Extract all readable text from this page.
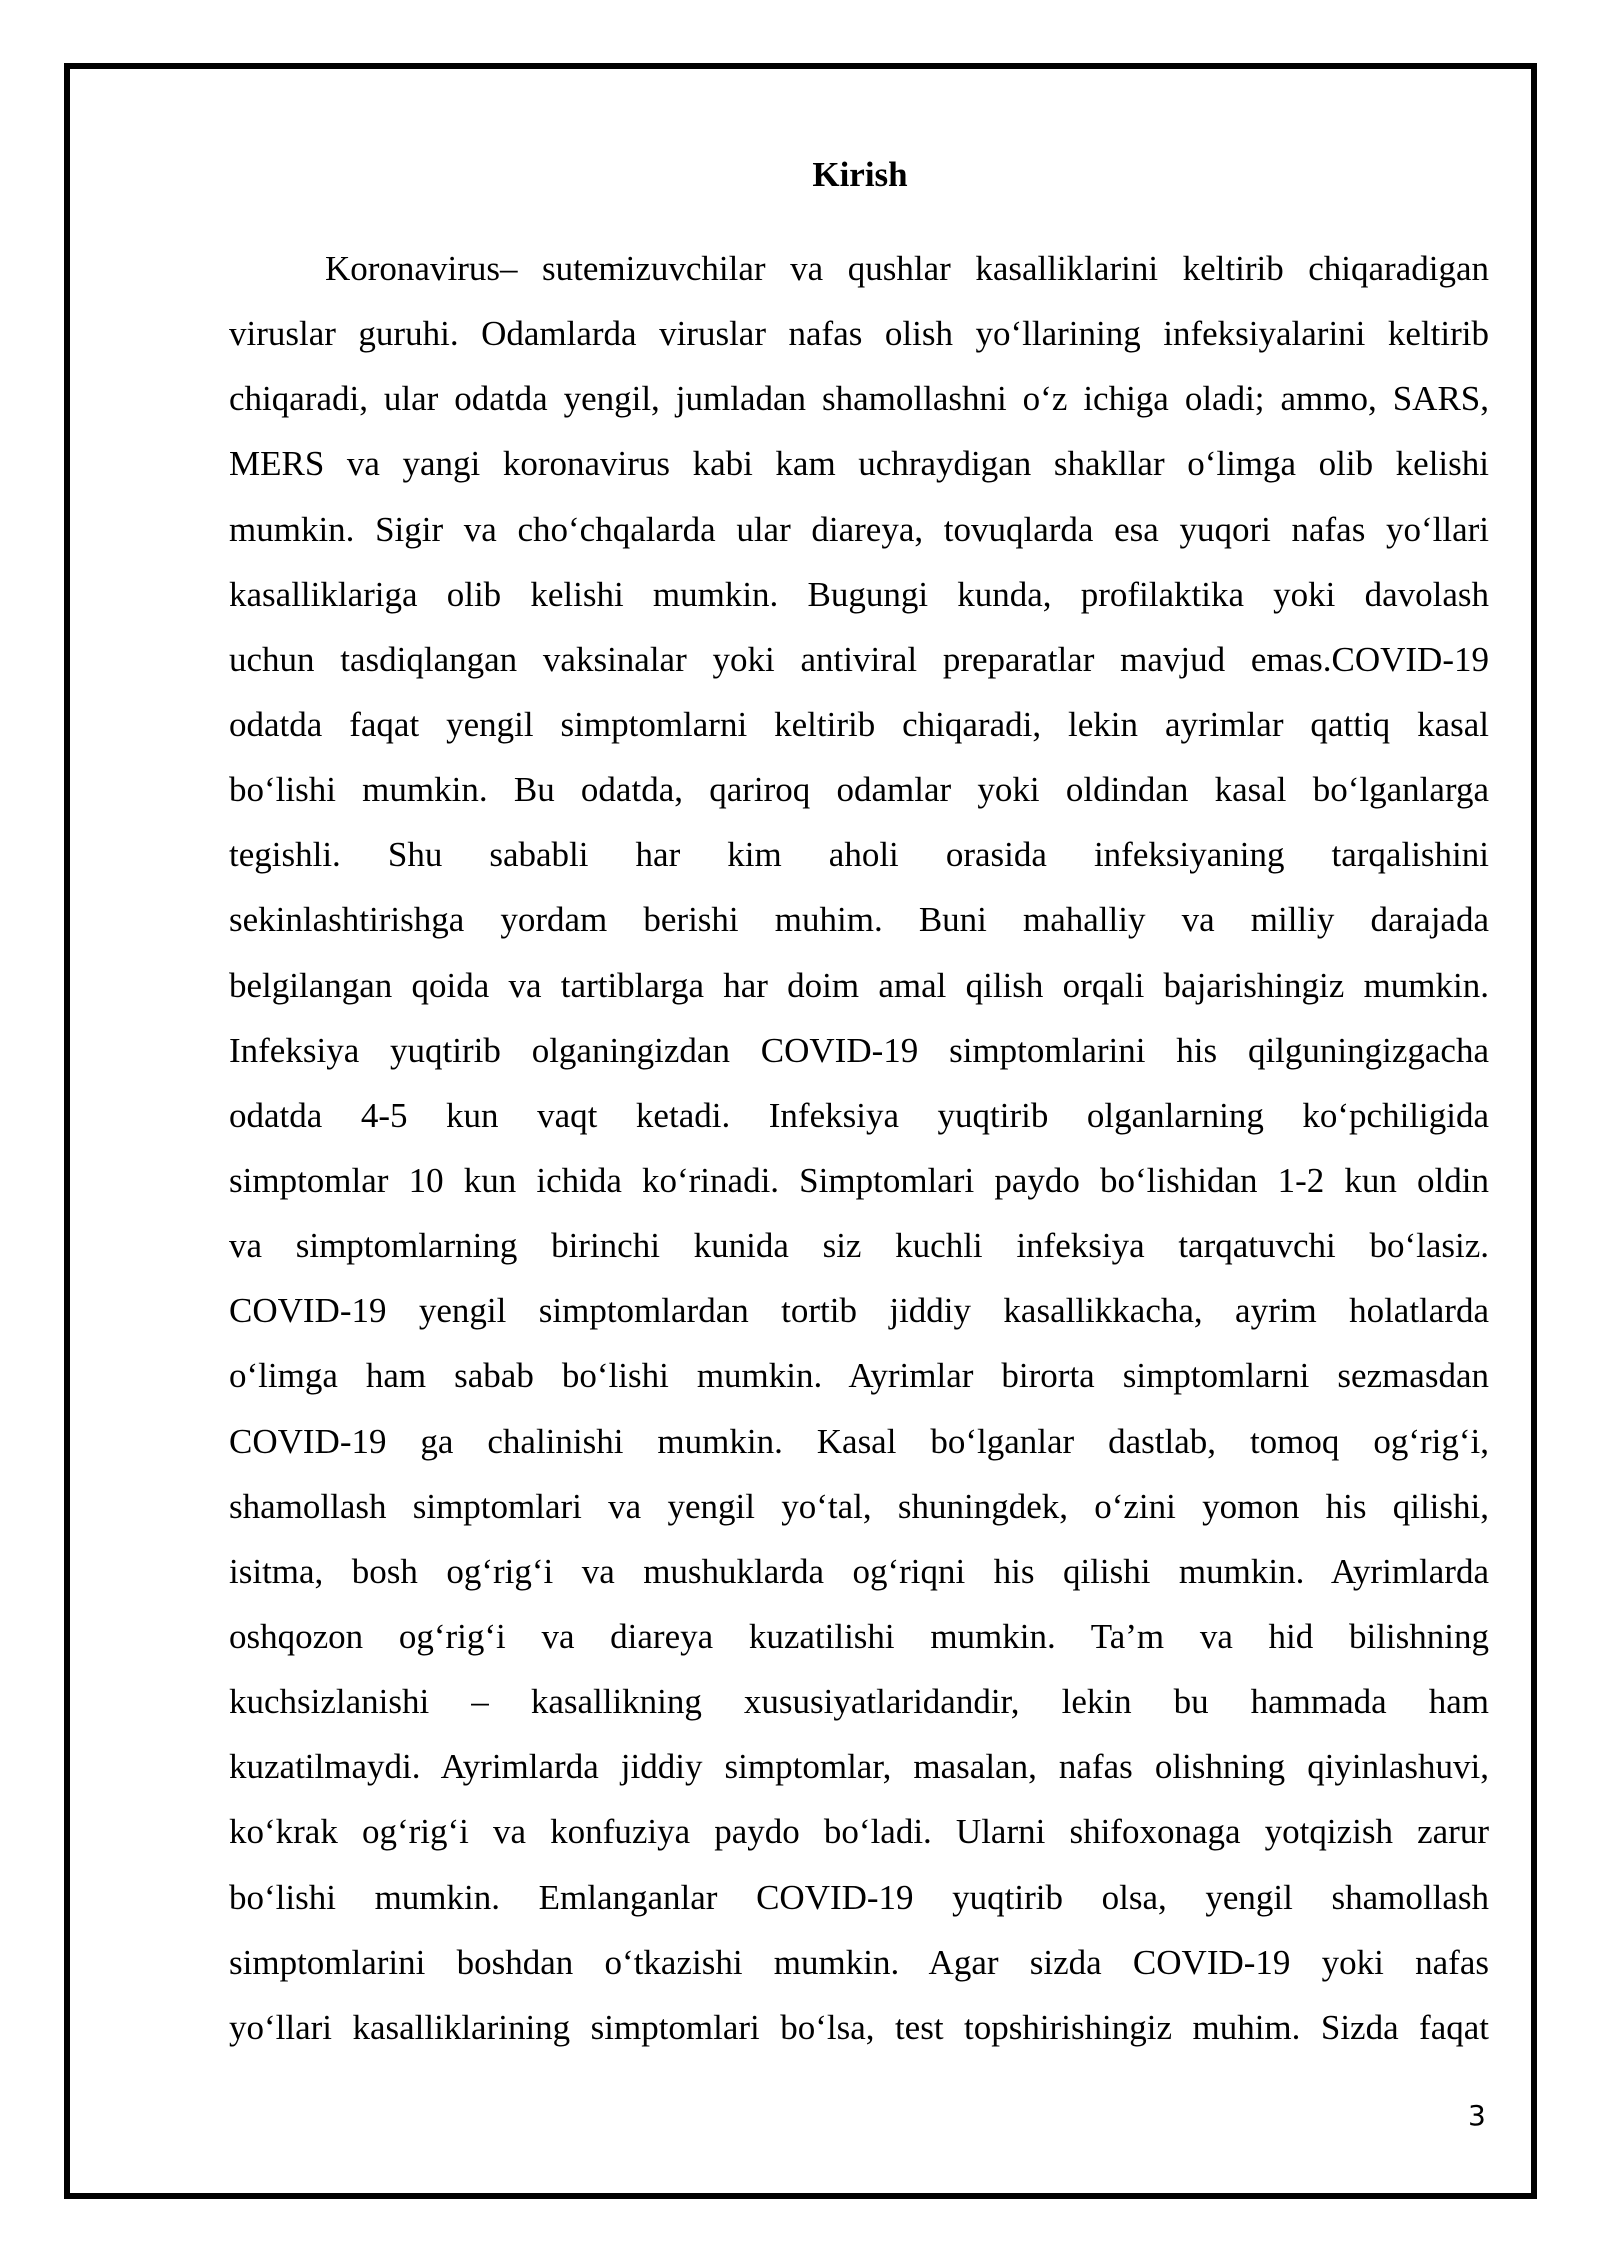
Kirish
Koronavirus– sutemizuvchilar va qushlar kasalliklarini keltirib chiqaradigan
viruslar guruhi. Odamlarda viruslar nafas olish yo‘llarining infeksiyalarini keltirib
chiqaradi, ular odatda yengil, jumladan shamollashni o‘z ichiga oladi; ammo, SARS,
MERS va yangi koronavirus kabi kam uchraydigan shakllar o‘limga olib kelishi
mumkin. Sigir va cho‘chqalarda ular diareya, tovuqlarda esa yuqori nafas yo‘llari
kasalliklariga olib kelishi mumkin. Bugungi kunda, profilaktika yoki davolash
uchun tasdiqlangan vaksinalar yoki antiviral preparatlar mavjud emas.COVID-19
odatda faqat yengil simptomlarni keltirib chiqaradi, lekin ayrimlar qattiq kasal
bo‘lishi mumkin. Bu odatda, qariroq odamlar yoki oldindan kasal bo‘lganlarga
tegishli. Shu sababli har kim aholi orasida infeksiyaning tarqalishini
sekinlashtirishga yordam berishi muhim. Buni mahalliy va milliy darajada
belgilangan qoida va tartiblarga har doim amal qilish orqali bajarishingiz mumkin.
Infeksiya yuqtirib olganingizdan COVID-19 simptomlarini his qilguningizgacha
odatda 4-5 kun vaqt ketadi. Infeksiya yuqtirib olganlarning ko‘pchiligida
simptomlar 10 kun ichida ko‘rinadi. Simptomlari paydo bo‘lishidan 1-2 kun oldin
va simptomlarning birinchi kunida siz kuchli infeksiya tarqatuvchi bo‘lasiz.
COVID-19 yengil simptomlardan tortib jiddiy kasallikkacha, ayrim holatlarda
o‘limga ham sabab bo‘lishi mumkin. Ayrimlar birorta simptomlarni sezmasdan
COVID-19 ga chalinishi mumkin. Kasal bo‘lganlar dastlab, tomoq og‘rig‘i,
shamollash simptomlari va yengil yo‘tal, shuningdek, o‘zini yomon his qilishi,
isitma, bosh og‘rig‘i va mushuklarda og‘riqni his qilishi mumkin. Ayrimlarda
oshqozon og‘rig‘i va diareya kuzatilishi mumkin. Ta’m va hid bilishning
kuchsizlanishi – kasallikning xususiyatlaridandir, lekin bu hammada ham
kuzatilmaydi. Ayrimlarda jiddiy simptomlar, masalan, nafas olishning qiyinlashuvi,
ko‘krak og‘rig‘i va konfuziya paydo bo‘ladi. Ularni shifoxonaga yotqizish zarur
bo‘lishi mumkin. Emlanganlar COVID-19 yuqtirib olsa, yengil shamollash
simptomlarini boshdan o‘tkazishi mumkin. Agar sizda COVID-19 yoki nafas
yo‘llari kasalliklarining simptomlari bo‘lsa, test topshirishingiz muhim. Sizda faqat
3
